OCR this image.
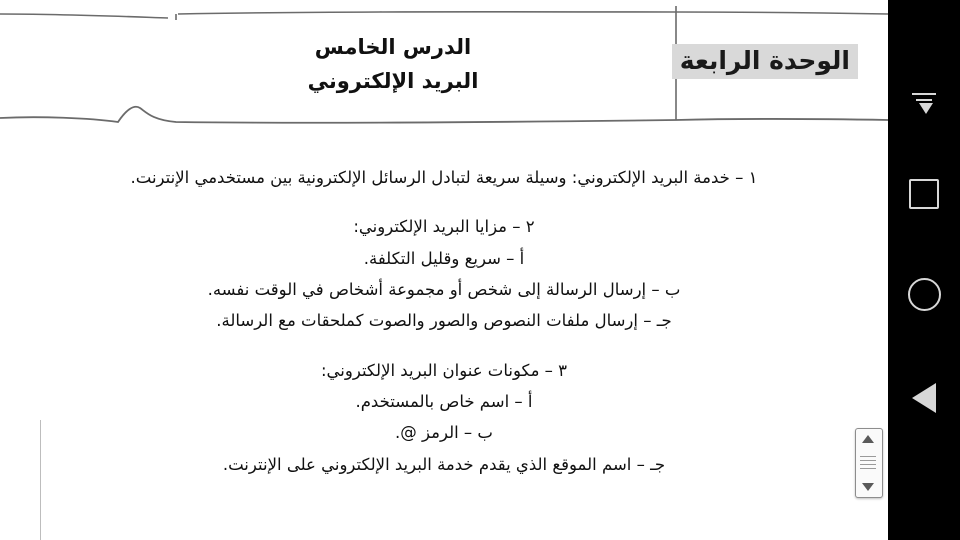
الوحدة الرابعة
الدرس الخامس
البريد الإلكتروني
١ – خدمة البريد الإلكتروني: وسيلة سريعة لتبادل الرسائل الإلكترونية بين مستخدمي الإنترنت.
٢ – مزايا البريد الإلكتروني:
أ – سريع وقليل التكلفة.
ب – إرسال الرسالة إلى شخص أو مجموعة أشخاص في الوقت نفسه.
جـ – إرسال ملفات النصوص والصور والصوت كملحقات مع الرسالة.
٣ – مكونات عنوان البريد الإلكتروني:
أ – اسم خاص بالمستخدم.
ب – الرمز @.
جـ – اسم الموقع الذي يقدم خدمة البريد الإلكتروني على الإنترنت.
